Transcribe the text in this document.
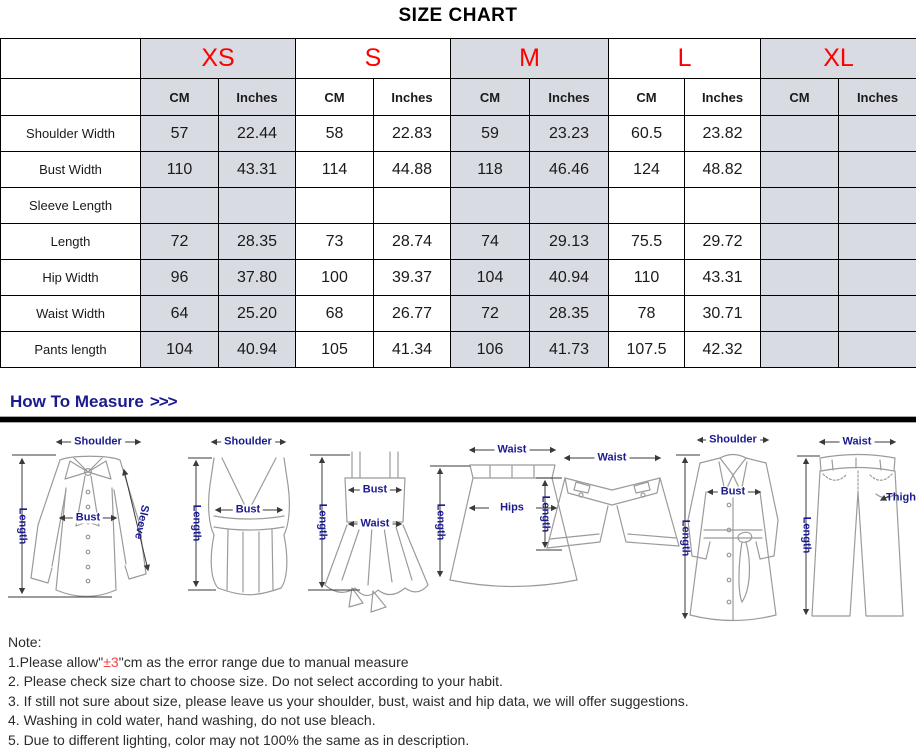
SIZE CHART
	XS		S		M		L		XL	
	CM	Inches	CM	Inches	CM	Inches	CM	Inches	CM	Inches
Shoulder Width	57	22.44	58	22.83	59	23.23	60.5	23.82		
Bust Width	110	43.31	114	44.88	118	46.46	124	48.82		
Sleeve Length										
Length	72	28.35	73	28.74	74	29.13	75.5	29.72		
Hip Width	96	37.80	100	39.37	104	40.94	110	43.31		
Waist Width	64	25.20	68	26.77	72	28.35	78	30.71		
Pants length	104	40.94	105	41.34	106	41.73	107.5	42.32		
How To Measure >>>
Shoulder
Length	Bust	Sleeve
Shoulder
Length	Bust	Length
Bust
Waist
Waist
Length	Hips
Waist
Length
Shoulder
Length
Bust
Waist
Length
Thigh
Note:
1.Please allow"±3"cm as the error range due to manual measure
2. Please check size chart to choose size. Do not select according to your habit.
3. If still not sure about size, please leave us your shoulder, bust, waist and hip data, we will offer suggestions.
4. Washing in cold water, hand washing, do not use bleach.
5. Due to different lighting, color may not 100% the same as in description.
